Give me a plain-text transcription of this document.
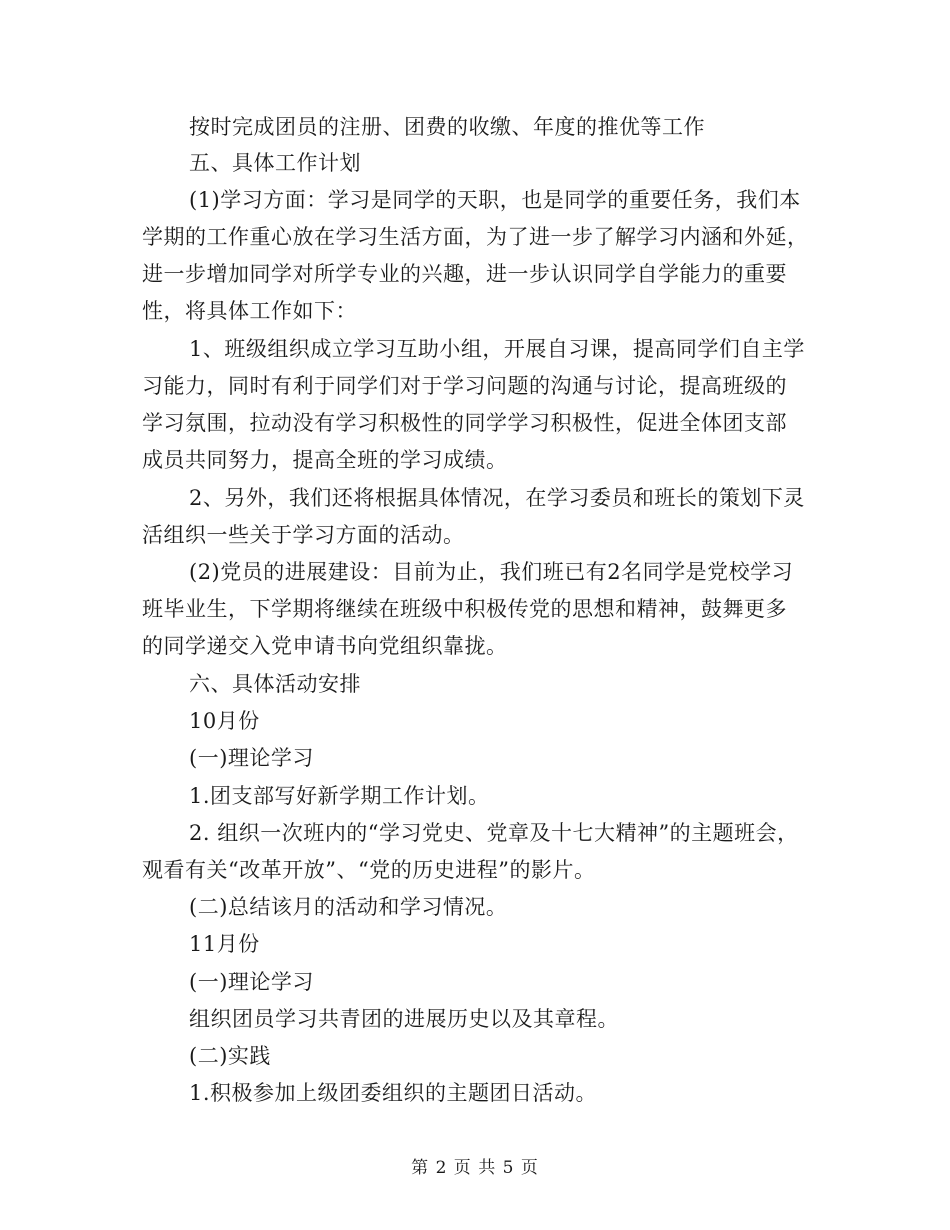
按时完成团员的注册、团费的收缴、年度的推优等工作
五、具体工作计划
(1)学习方面：学习是同学的天职，也是同学的重要任务，我们本
学期的工作重心放在学习生活方面，为了进一步了解学习内涵和外延，
进一步增加同学对所学专业的兴趣，进一步认识同学自学能力的重要
性，将具体工作如下：
1、班级组织成立学习互助小组，开展自习课，提高同学们自主学
习能力，同时有利于同学们对于学习问题的沟通与讨论，提高班级的
学习氛围，拉动没有学习积极性的同学学习积极性，促进全体团支部
成员共同努力，提高全班的学习成绩。
2、另外，我们还将根据具体情况，在学习委员和班长的策划下灵
活组织一些关于学习方面的活动。
(2)党员的进展建设：目前为止，我们班已有2名同学是党校学习
班毕业生，下学期将继续在班级中积极传党的思想和精神，鼓舞更多
的同学递交入党申请书向党组织靠拢。
六、具体活动安排
10月份
(一)理论学习
1.团支部写好新学期工作计划。
2. 组织一次班内的“学习党史、党章及十七大精神”的主题班会，
观看有关“改革开放”、“党的历史进程”的影片。
(二)总结该月的活动和学习情况。
11月份
(一)理论学习
组织团员学习共青团的进展历史以及其章程。
(二)实践
1.积极参加上级团委组织的主题团日活动。
第 2 页 共 5 页
